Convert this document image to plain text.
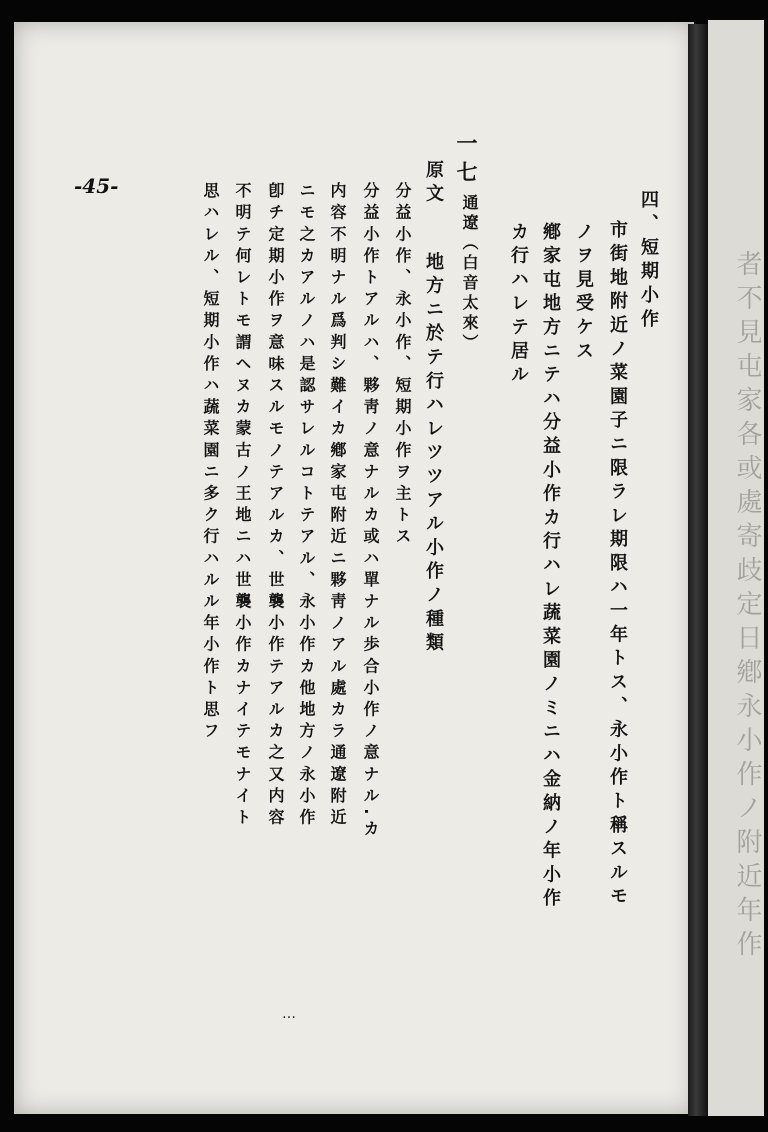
-45-
四、短期小作
市街地附近ノ菜園子ニ限ラレ期限ハ一年トス、永小作ト稱スルモ
ノヲ見受ケス
鄕家屯地方ニテハ分益小作カ行ハレ蔬菜園ノミニハ金納ノ年小作
カ行ハレテ居ル
一七
通遼（白音太來）
原文
地方ニ於テ行ハレツツアル小作ノ種類
分益小作、永小作、短期小作ヲ主トス
分益小作トアルハ、夥靑ノ意ナルカ或ハ單ナル歩合小作ノ意ナル.カ
内容不明ナル爲判シ難イカ鄕家屯附近ニ夥靑ノアル處カラ通遼附近
ニモ之カアルノハ是認サレルコトテアル、永小作カ他地方ノ永小作
卽チ定期小作ヲ意味スルモノテアルカ、世襲小作テアルカ之又内容
不明テ何レトモ謂ヘヌカ蒙古ノ王地ニハ世襲小作カナイテモナイト
思ハレル、短期小作ハ蔬菜園ニ多ク行ハルル年小作ト思フ
…
者不見屯家各或處寄歧定日鄕永小作ノ附近年作
